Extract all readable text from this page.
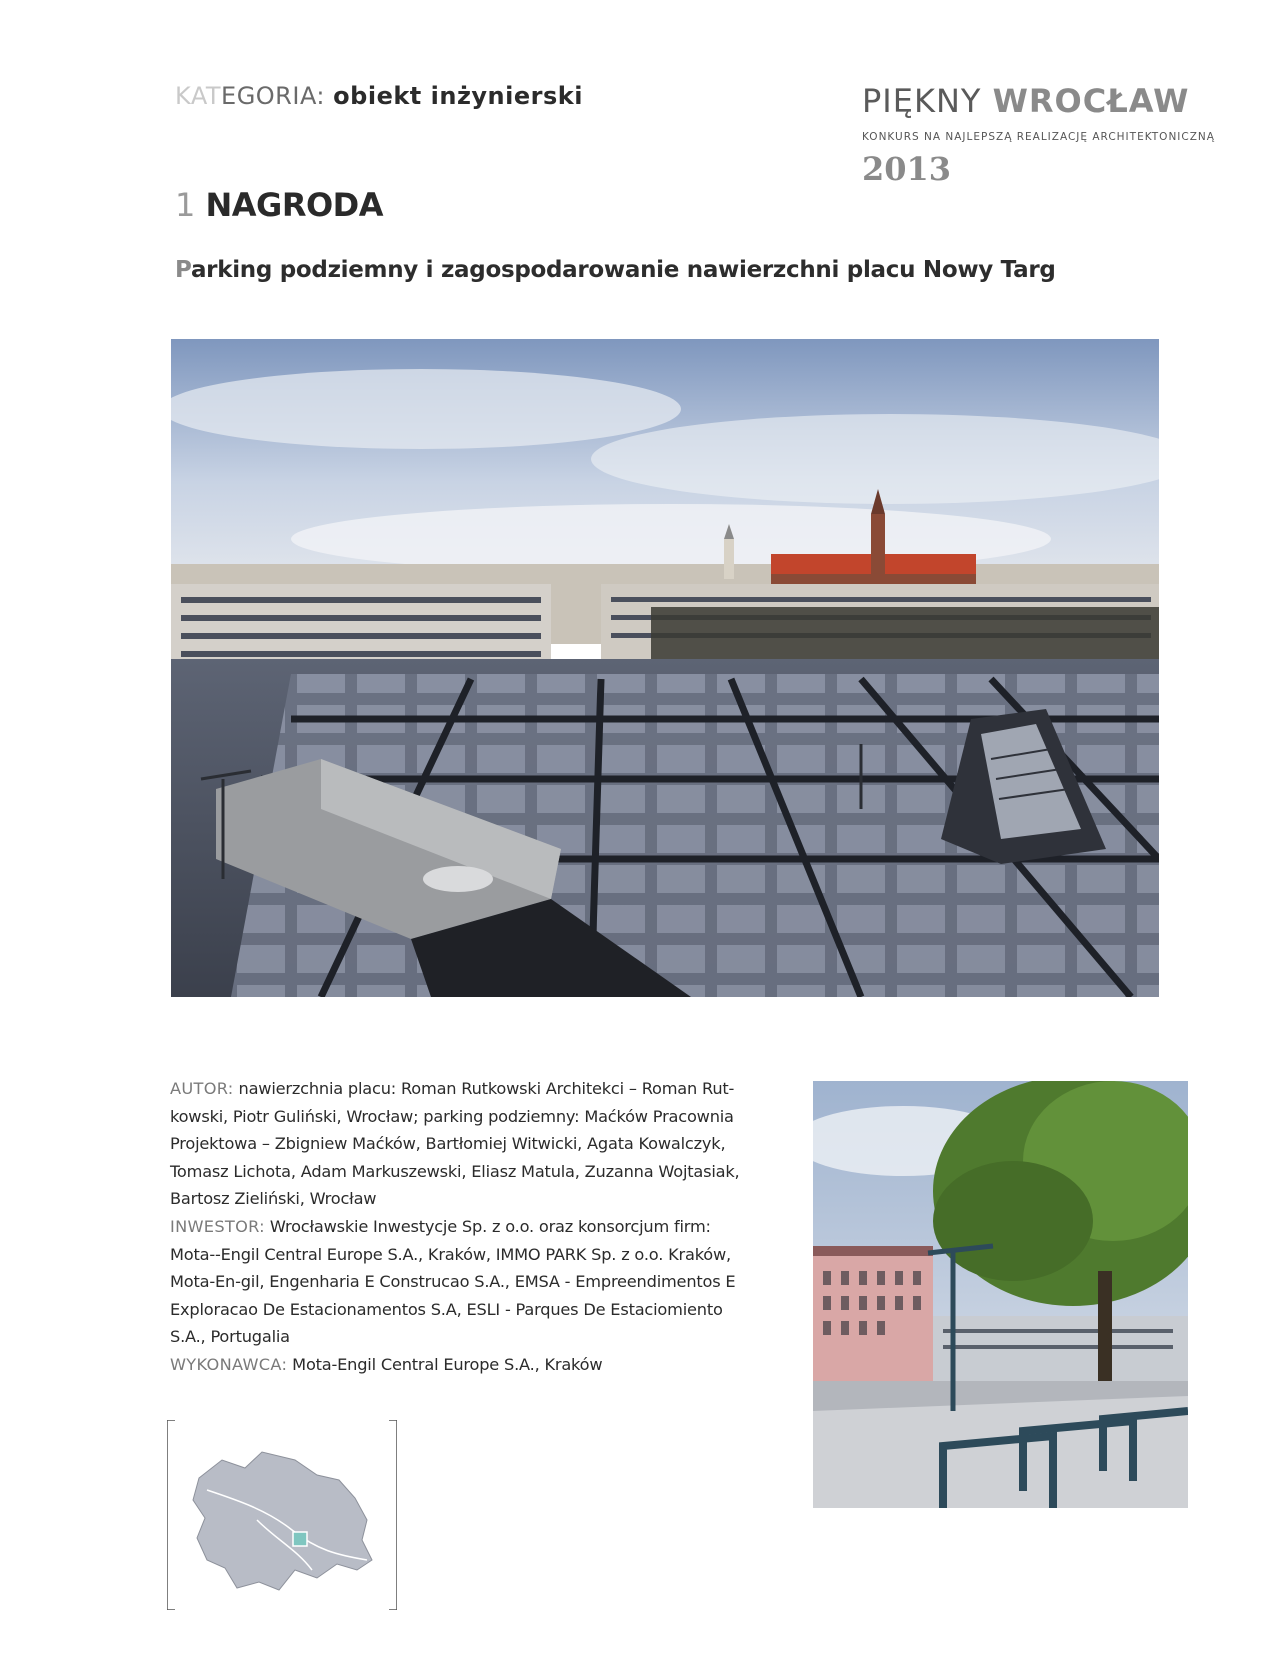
KATEGORIA: obiekt inżynierski
1 NAGRODA
Parking podziemny i zagospodarowanie nawierzchni placu Nowy Targ
PIĘKNY WROCŁAW
KONKURS NA NAJLEPSZĄ REALIZACJĘ ARCHITEKTONICZNĄ
2013

AUTOR: nawierzchnia placu: Roman Rutkowski Architekci – Roman Rut-kowski, Piotr Guliński, Wrocław; parking podziemny: Maćków Pracownia Projektowa – Zbigniew Maćków, Bartłomiej Witwicki, Agata Kowalczyk, Tomasz Lichota, Adam Markuszewski, Eliasz Matula, Zuzanna Wojtasiak, Bartosz Zieliński, Wrocław

INWESTOR: Wrocławskie Inwestycje Sp. z o.o. oraz konsorcjum firm: Mota--Engil Central Europe S.A., Kraków, IMMO PARK Sp. z o.o. Kraków, Mota-En-gil, Engenharia E Construcao S.A., EMSA - Empreendimentos E Exploracao De Estacionamentos S.A, ESLI - Parques De Estaciomiento S.A., Portugalia

WYKONAWCA: Mota-Engil Central Europe S.A., Kraków
